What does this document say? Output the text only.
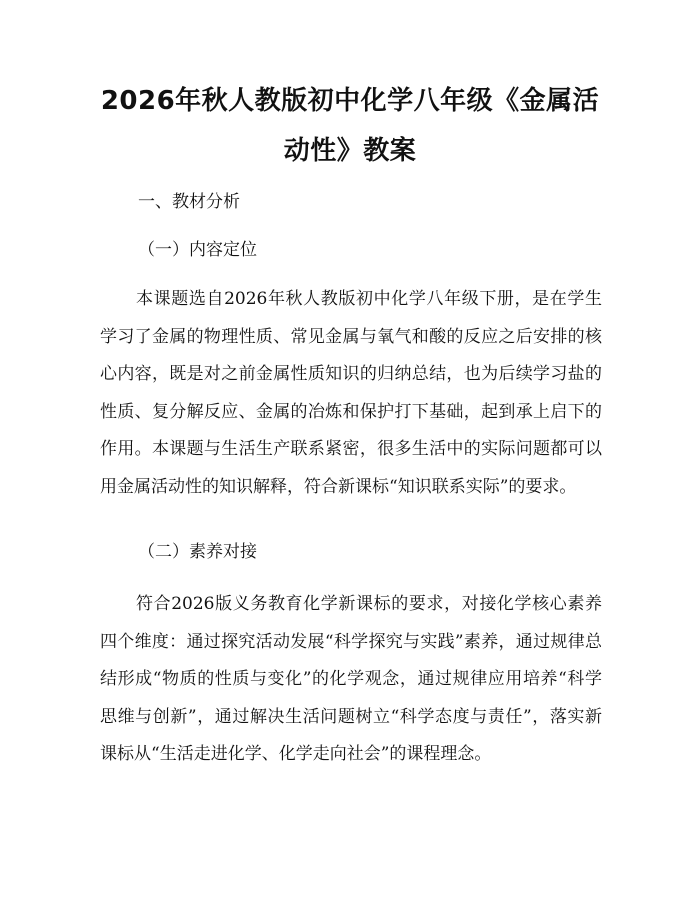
2026年秋人教版初中化学八年级《金属活动性》教案
一、教材分析
（一）内容定位
本课题选自2026年秋人教版初中化学八年级下册，是在学生学习了金属的物理性质、常见金属与氧气和酸的反应之后安排的核心内容，既是对之前金属性质知识的归纳总结，也为后续学习盐的性质、复分解反应、金属的冶炼和保护打下基础，起到承上启下的作用。本课题与生活生产联系紧密，很多生活中的实际问题都可以用金属活动性的知识解释，符合新课标“知识联系实际”的要求。
（二）素养对接
符合2026版义务教育化学新课标的要求，对接化学核心素养四个维度：通过探究活动发展“科学探究与实践”素养，通过规律总结形成“物质的性质与变化”的化学观念，通过规律应用培养“科学思维与创新”，通过解决生活问题树立“科学态度与责任”，落实新课标从“生活走进化学、化学走向社会”的课程理念。
